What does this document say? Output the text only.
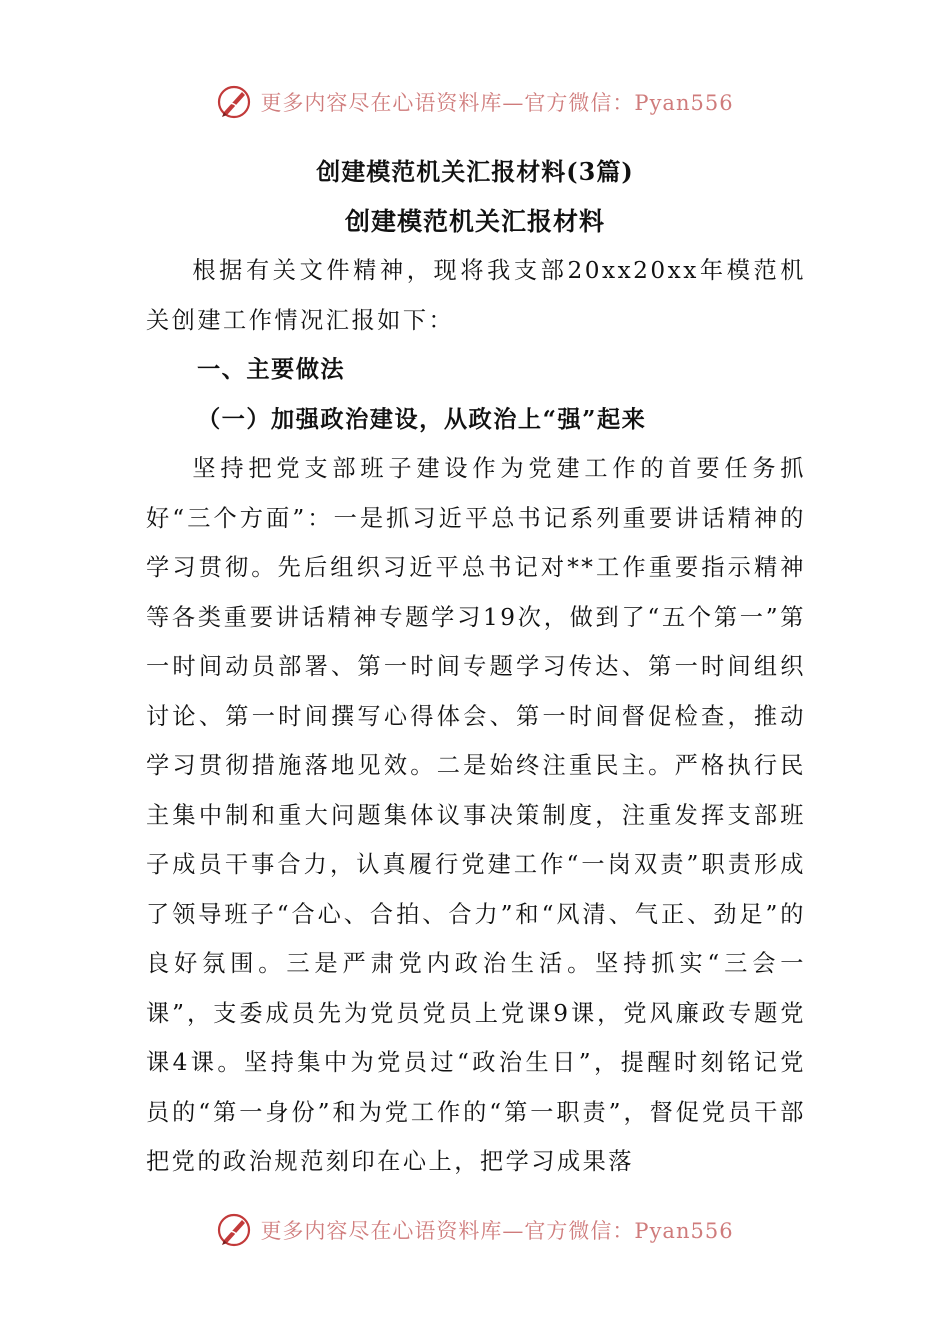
更多内容尽在心语资料库—官方微信：Pyan556
创建模范机关汇报材料(3篇)
创建模范机关汇报材料

根据有关文件精神，现将我支部20xx20xx年模范机关创建工作情况汇报如下：

一、主要做法

（一）加强政治建设，从政治上“强”起来

坚持把党支部班子建设作为党建工作的首要任务抓好“三个方面”：一是抓习近平总书记系列重要讲话精神的学习贯彻。先后组织习近平总书记对**工作重要指示精神等各类重要讲话精神专题学习19次，做到了“五个第一”第一时间动员部署、第一时间专题学习传达、第一时间组织讨论、第一时间撰写心得体会、第一时间督促检查，推动学习贯彻措施落地见效。二是始终注重民主。严格执行民主集中制和重大问题集体议事决策制度，注重发挥支部班子成员干事合力，认真履行党建工作“一岗双责”职责形成了领导班子“合心、合拍、合力”和“风清、气正、劲足”的良好氛围。三是严肃党内政治生活。坚持抓实“三会一课”，支委成员先为党员党员上党课9课，党风廉政专题党课4课。坚持集中为党员过“政治生日”，提醒时刻铭记党员的“第一身份”和为党工作的“第一职责”，督促党员干部把党的政治规范刻印在心上，把学习成果落

更多内容尽在心语资料库—官方微信：Pyan556
